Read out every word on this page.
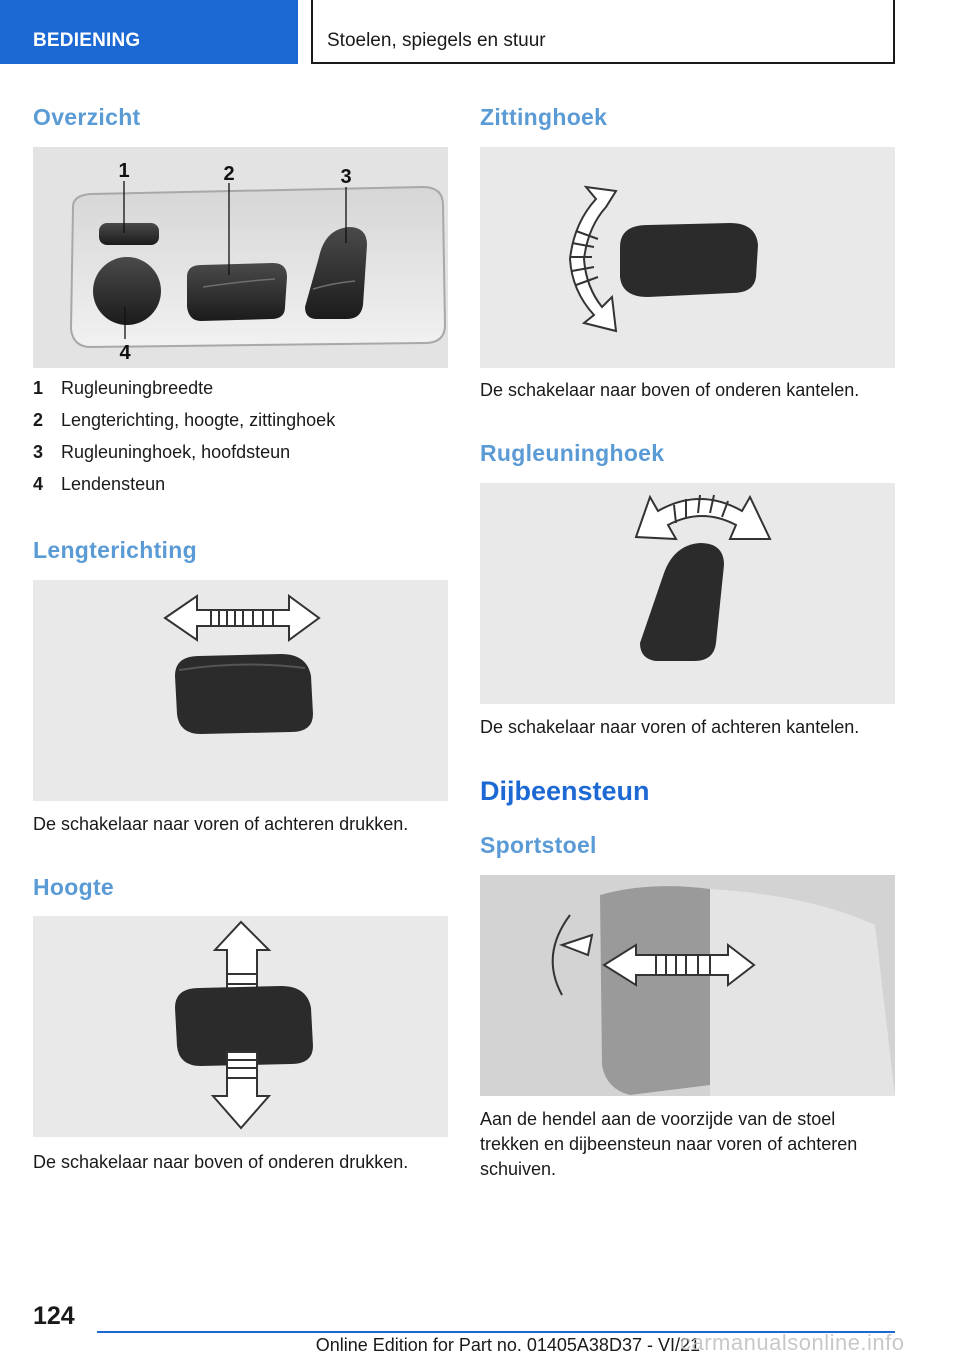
BEDIENING	Stoelen, spiegels en stuur
Overzicht
1	2	3
4
1 Rugleuningbreedte
2 Lengterichting, hoogte, zittinghoek
3 Rugleuninghoek, hoofdsteun
4 Lendensteun
Lengterichting

De schakelaar naar voren of achteren drukken.

Hoogte

De schakelaar naar boven of onderen drukken.

Zittinghoek

De schakelaar naar boven of onderen kantelen.

Rugleuninghoek

De schakelaar naar voren of achteren kantelen.

Dijbeensteun
Sportstoel

Aan de hendel aan de voorzijde van de stoel trekken en dijbeensteun naar voren of achteren schuiven.

124
Online Edition for Part no. 01405A38D37 - VI/21
carmanualsonline.info
